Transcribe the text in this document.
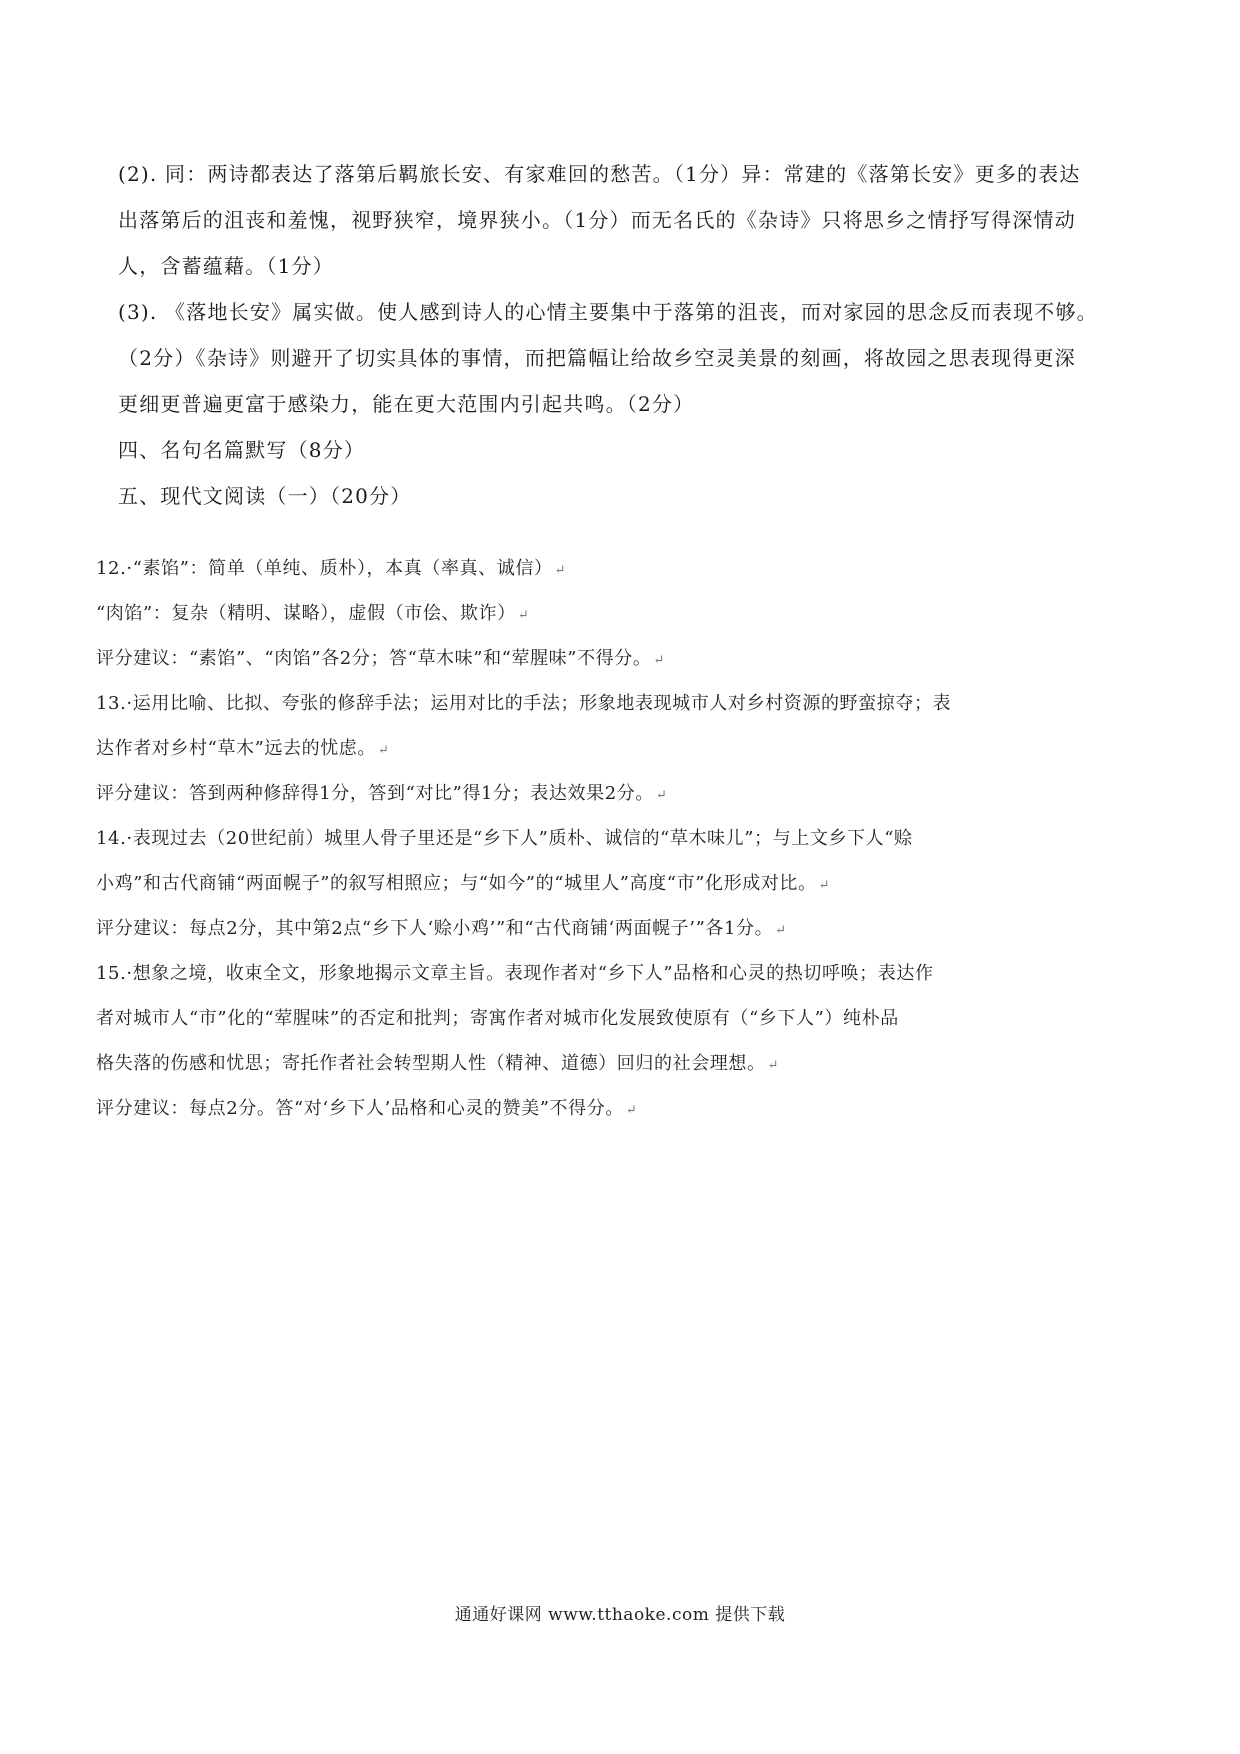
(2). 同：两诗都表达了落第后羁旅长安、有家难回的愁苦。（1分）异：常建的《落第长安》更多的表达
出落第后的沮丧和羞愧，视野狭窄，境界狭小。（1分）而无名氏的《杂诗》只将思乡之情抒写得深情动
人，含蓄蕴藉。（1分）
(3). 《落地长安》属实做。使人感到诗人的心情主要集中于落第的沮丧，而对家园的思念反而表现不够。
（2分）《杂诗》则避开了切实具体的事情，而把篇幅让给故乡空灵美景的刻画，将故园之思表现得更深
更细更普遍更富于感染力，能在更大范围内引起共鸣。（2分）
四、名句名篇默写（8分）
五、现代文阅读（一）（20分）
12.·“素馅”：简单（单纯、质朴），本真（率真、诚信） ↵
“肉馅”：复杂（精明、谋略），虚假（市侩、欺诈） ↵
评分建议：“素馅”、“肉馅”各2分；答“草木味”和“荤腥味”不得分。 ↵
13.·运用比喻、比拟、夸张的修辞手法；运用对比的手法；形象地表现城市人对乡村资源的野蛮掠夺；表
达作者对乡村“草木”远去的忧虑。 ↵
评分建议：答到两种修辞得1分，答到“对比”得1分；表达效果2分。 ↵
14.·表现过去（20世纪前）城里人骨子里还是“乡下人”质朴、诚信的“草木味儿”；与上文乡下人“赊
小鸡”和古代商铺“两面幌子”的叙写相照应；与“如今”的“城里人”高度“市”化形成对比。 ↵
评分建议：每点2分，其中第2点“乡下人‘赊小鸡’”和“古代商铺‘两面幌子’”各1分。 ↵
15.·想象之境，收束全文，形象地揭示文章主旨。表现作者对“乡下人”品格和心灵的热切呼唤；表达作
者对城市人“市”化的“荤腥味”的否定和批判；寄寓作者对城市化发展致使原有（“乡下人”）纯朴品
格失落的伤感和忧思；寄托作者社会转型期人性（精神、道德）回归的社会理想。 ↵
评分建议：每点2分。答“对‘乡下人’品格和心灵的赞美”不得分。 ↵
通通好课网 www.tthaoke.com 提供下载
